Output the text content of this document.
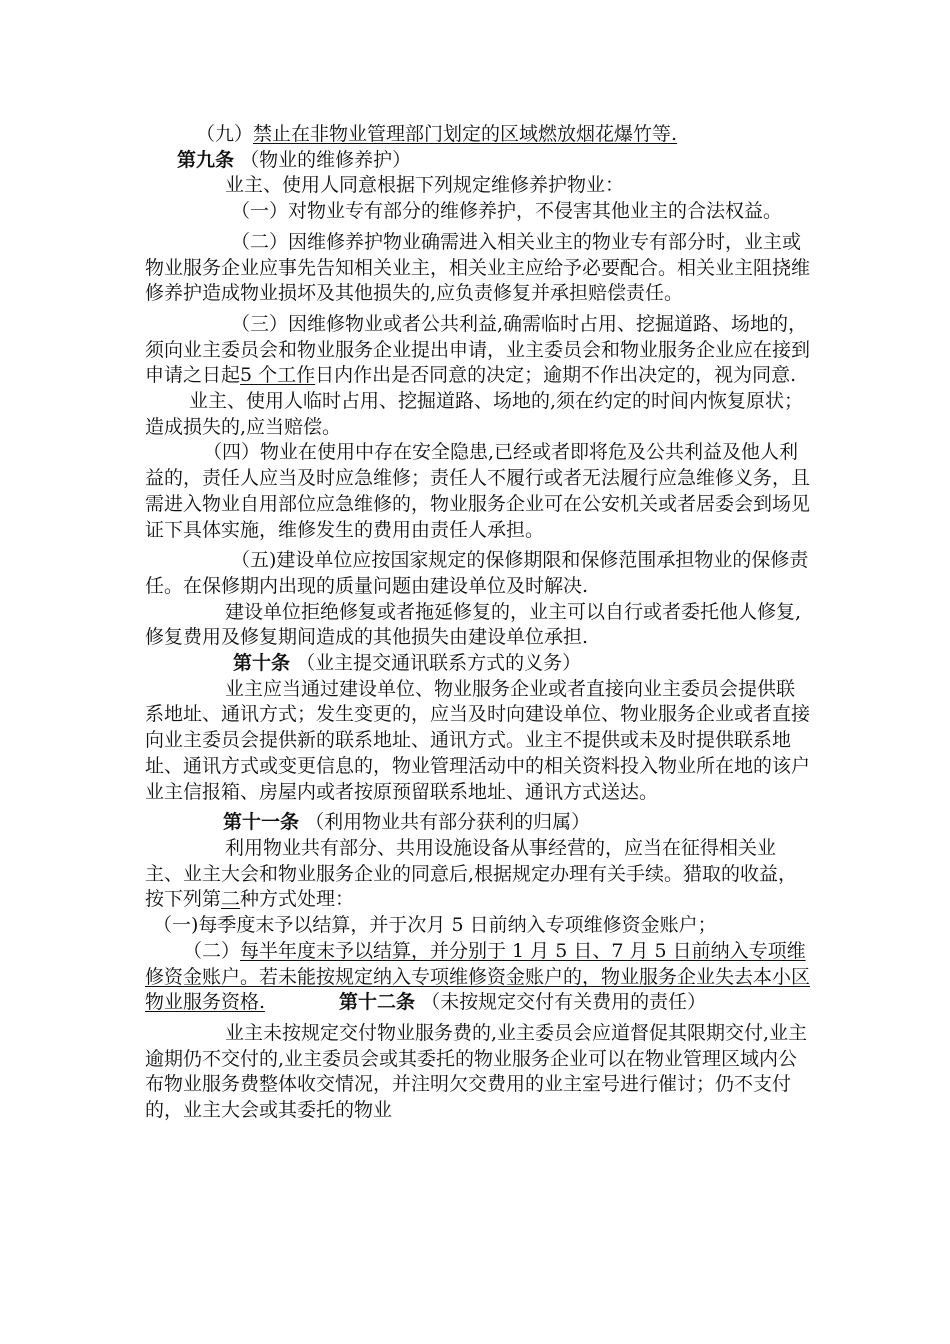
（九）禁止在非物业管理部门划定的区域燃放烟花爆竹等.

第九条 （物业的维修养护）

业主、使用人同意根据下列规定维修养护物业：

（一）对物业专有部分的维修养护，不侵害其他业主的合法权益。

（二）因维修养护物业确需进入相关业主的物业专有部分时，业主或物业服务企业应事先告知相关业主，相关业主应给予必要配合。相关业主阻挠维修养护造成物业损坏及其他损失的,应负责修复并承担赔偿责任。

（三）因维修物业或者公共利益,确需临时占用、挖掘道路、场地的，须向业主委员会和物业服务企业提出申请，业主委员会和物业服务企业应在接到申请之日起5 个工作日内作出是否同意的决定；逾期不作出决定的，视为同意.

业主、使用人临时占用、挖掘道路、场地的,须在约定的时间内恢复原状；造成损失的,应当赔偿。

（四）物业在使用中存在安全隐患,已经或者即将危及公共利益及他人利益的，责任人应当及时应急维修；责任人不履行或者无法履行应急维修义务，且需进入物业自用部位应急维修的，物业服务企业可在公安机关或者居委会到场见证下具体实施，维修发生的费用由责任人承担。

（五)建设单位应按国家规定的保修期限和保修范围承担物业的保修责任。在保修期内出现的质量问题由建设单位及时解决.

建设单位拒绝修复或者拖延修复的，业主可以自行或者委托他人修复,修复费用及修复期间造成的其他损失由建设单位承担.

第十条 （业主提交通讯联系方式的义务）

业主应当通过建设单位、物业服务企业或者直接向业主委员会提供联系地址、通讯方式；发生变更的，应当及时向建设单位、物业服务企业或者直接向业主委员会提供新的联系地址、通讯方式。业主不提供或未及时提供联系地址、通讯方式或变更信息的，物业管理活动中的相关资料投入物业所在地的该户业主信报箱、房屋内或者按原预留联系地址、通讯方式送达。

第十一条 （利用物业共有部分获利的归属）

利用物业共有部分、共用设施设备从事经营的，应当在征得相关业主、业主大会和物业服务企业的同意后,根据规定办理有关手续。猎取的收益，按下列第二种方式处理：

（一)每季度末予以结算，并于次月 5 日前纳入专项维修资金账户；

（二）每半年度末予以结算，并分别于 1 月 5 日、7 月 5 日前纳入专项维修资金账户。若未能按规定纳入专项维修资金账户的，物业服务企业失去本小区物业服务资格.	第十二条 （未按规定交付有关费用的责任）

业主未按规定交付物业服务费的,业主委员会应道督促其限期交付,业主逾期仍不交付的,业主委员会或其委托的物业服务企业可以在物业管理区域内公布物业服务费整体收交情况，并注明欠交费用的业主室号进行催讨；仍不支付的，业主大会或其委托的物业
